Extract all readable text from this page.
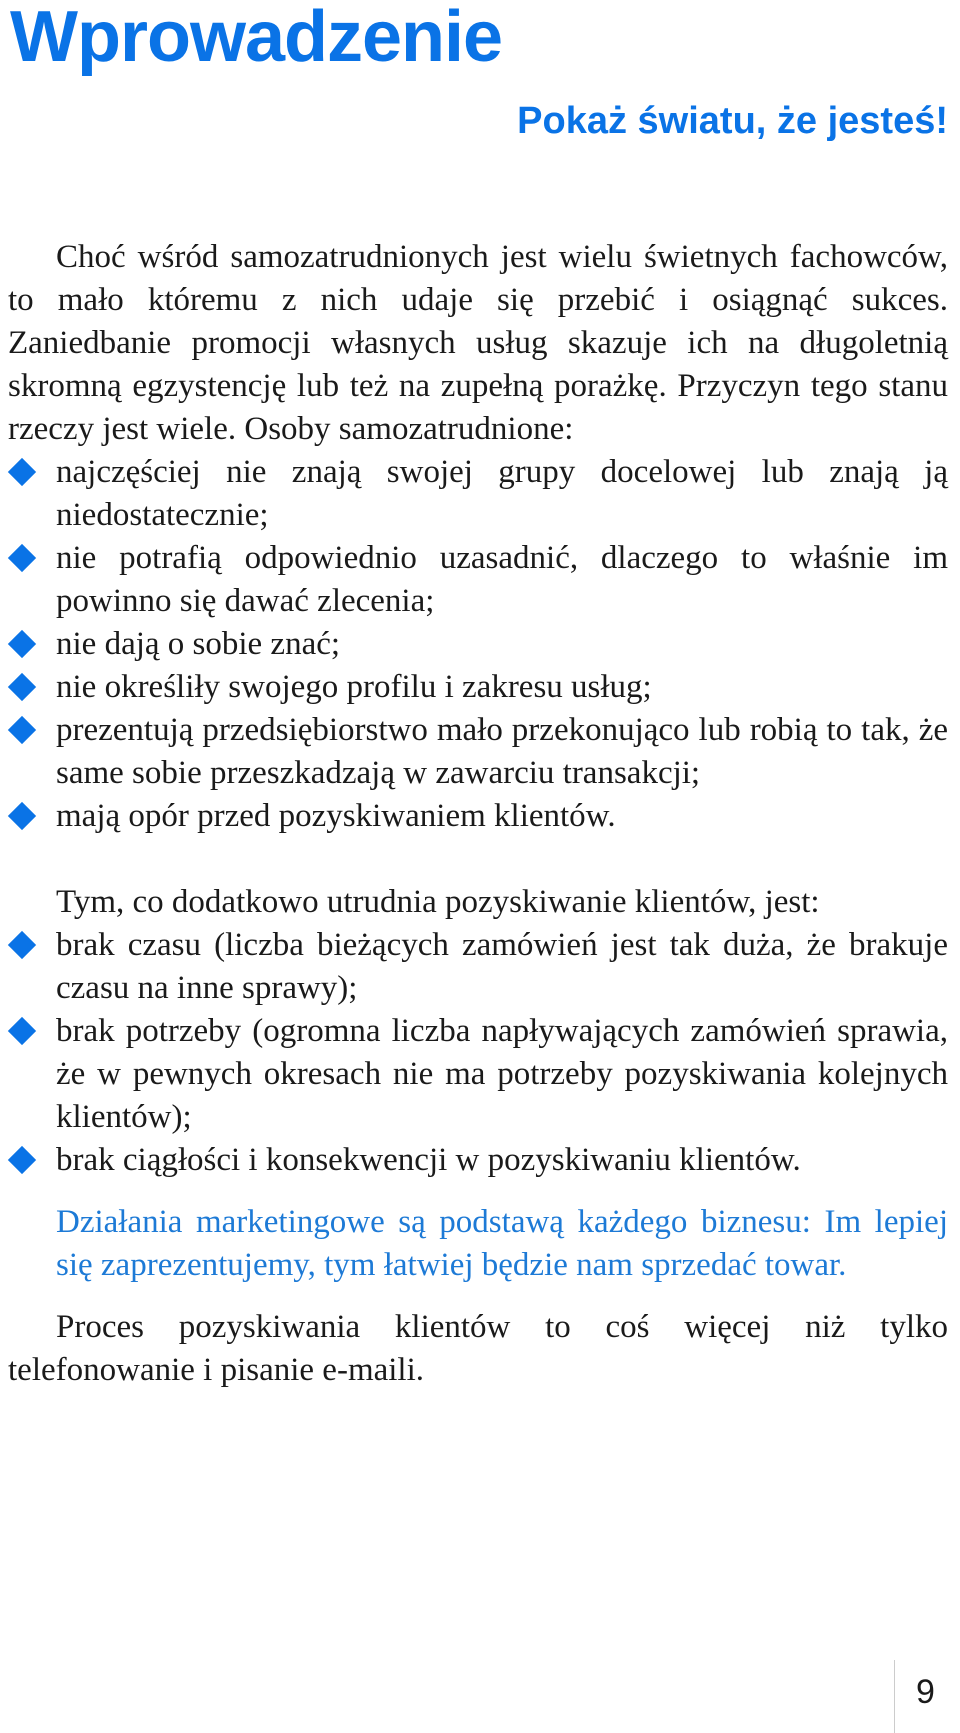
Wprowadzenie

Pokaż światu, że jesteś!

Choć wśród samozatrudnionych jest wielu świetnych fachowców, to mało któremu z nich udaje się przebić i osiągnąć sukces. Zaniedbanie promocji własnych usług skazuje ich na długoletnią skromną egzystencję lub też na zupełną porażkę. Przyczyn tego stanu rzeczy jest wiele. Osoby samozatrudnione:

najczęściej nie znają swojej grupy docelowej lub znają ją niedostatecznie;
nie potrafią odpowiednio uzasadnić, dlaczego to właśnie im powinno się dawać zlecenia;
nie dają o sobie znać;
nie określiły swojego profilu i zakresu usług;
prezentują przedsiębiorstwo mało przekonująco lub robią to tak, że same sobie przeszkadzają w zawarciu transakcji;
mają opór przed pozyskiwaniem klientów.

Tym, co dodatkowo utrudnia pozyskiwanie klientów, jest:

brak czasu (liczba bieżących zamówień jest tak duża, że brakuje czasu na inne sprawy);
brak potrzeby (ogromna liczba napływających zamówień sprawia, że w pewnych okresach nie ma potrzeby pozyskiwania kolejnych klientów);
brak ciągłości i konsekwencji w pozyskiwaniu klientów.

Działania marketingowe są podstawą każdego biznesu: Im lepiej się zaprezentujemy, tym łatwiej będzie nam sprzedać towar.

Proces pozyskiwania klientów to coś więcej niż tylko telefonowanie i pisanie e-maili.

9
